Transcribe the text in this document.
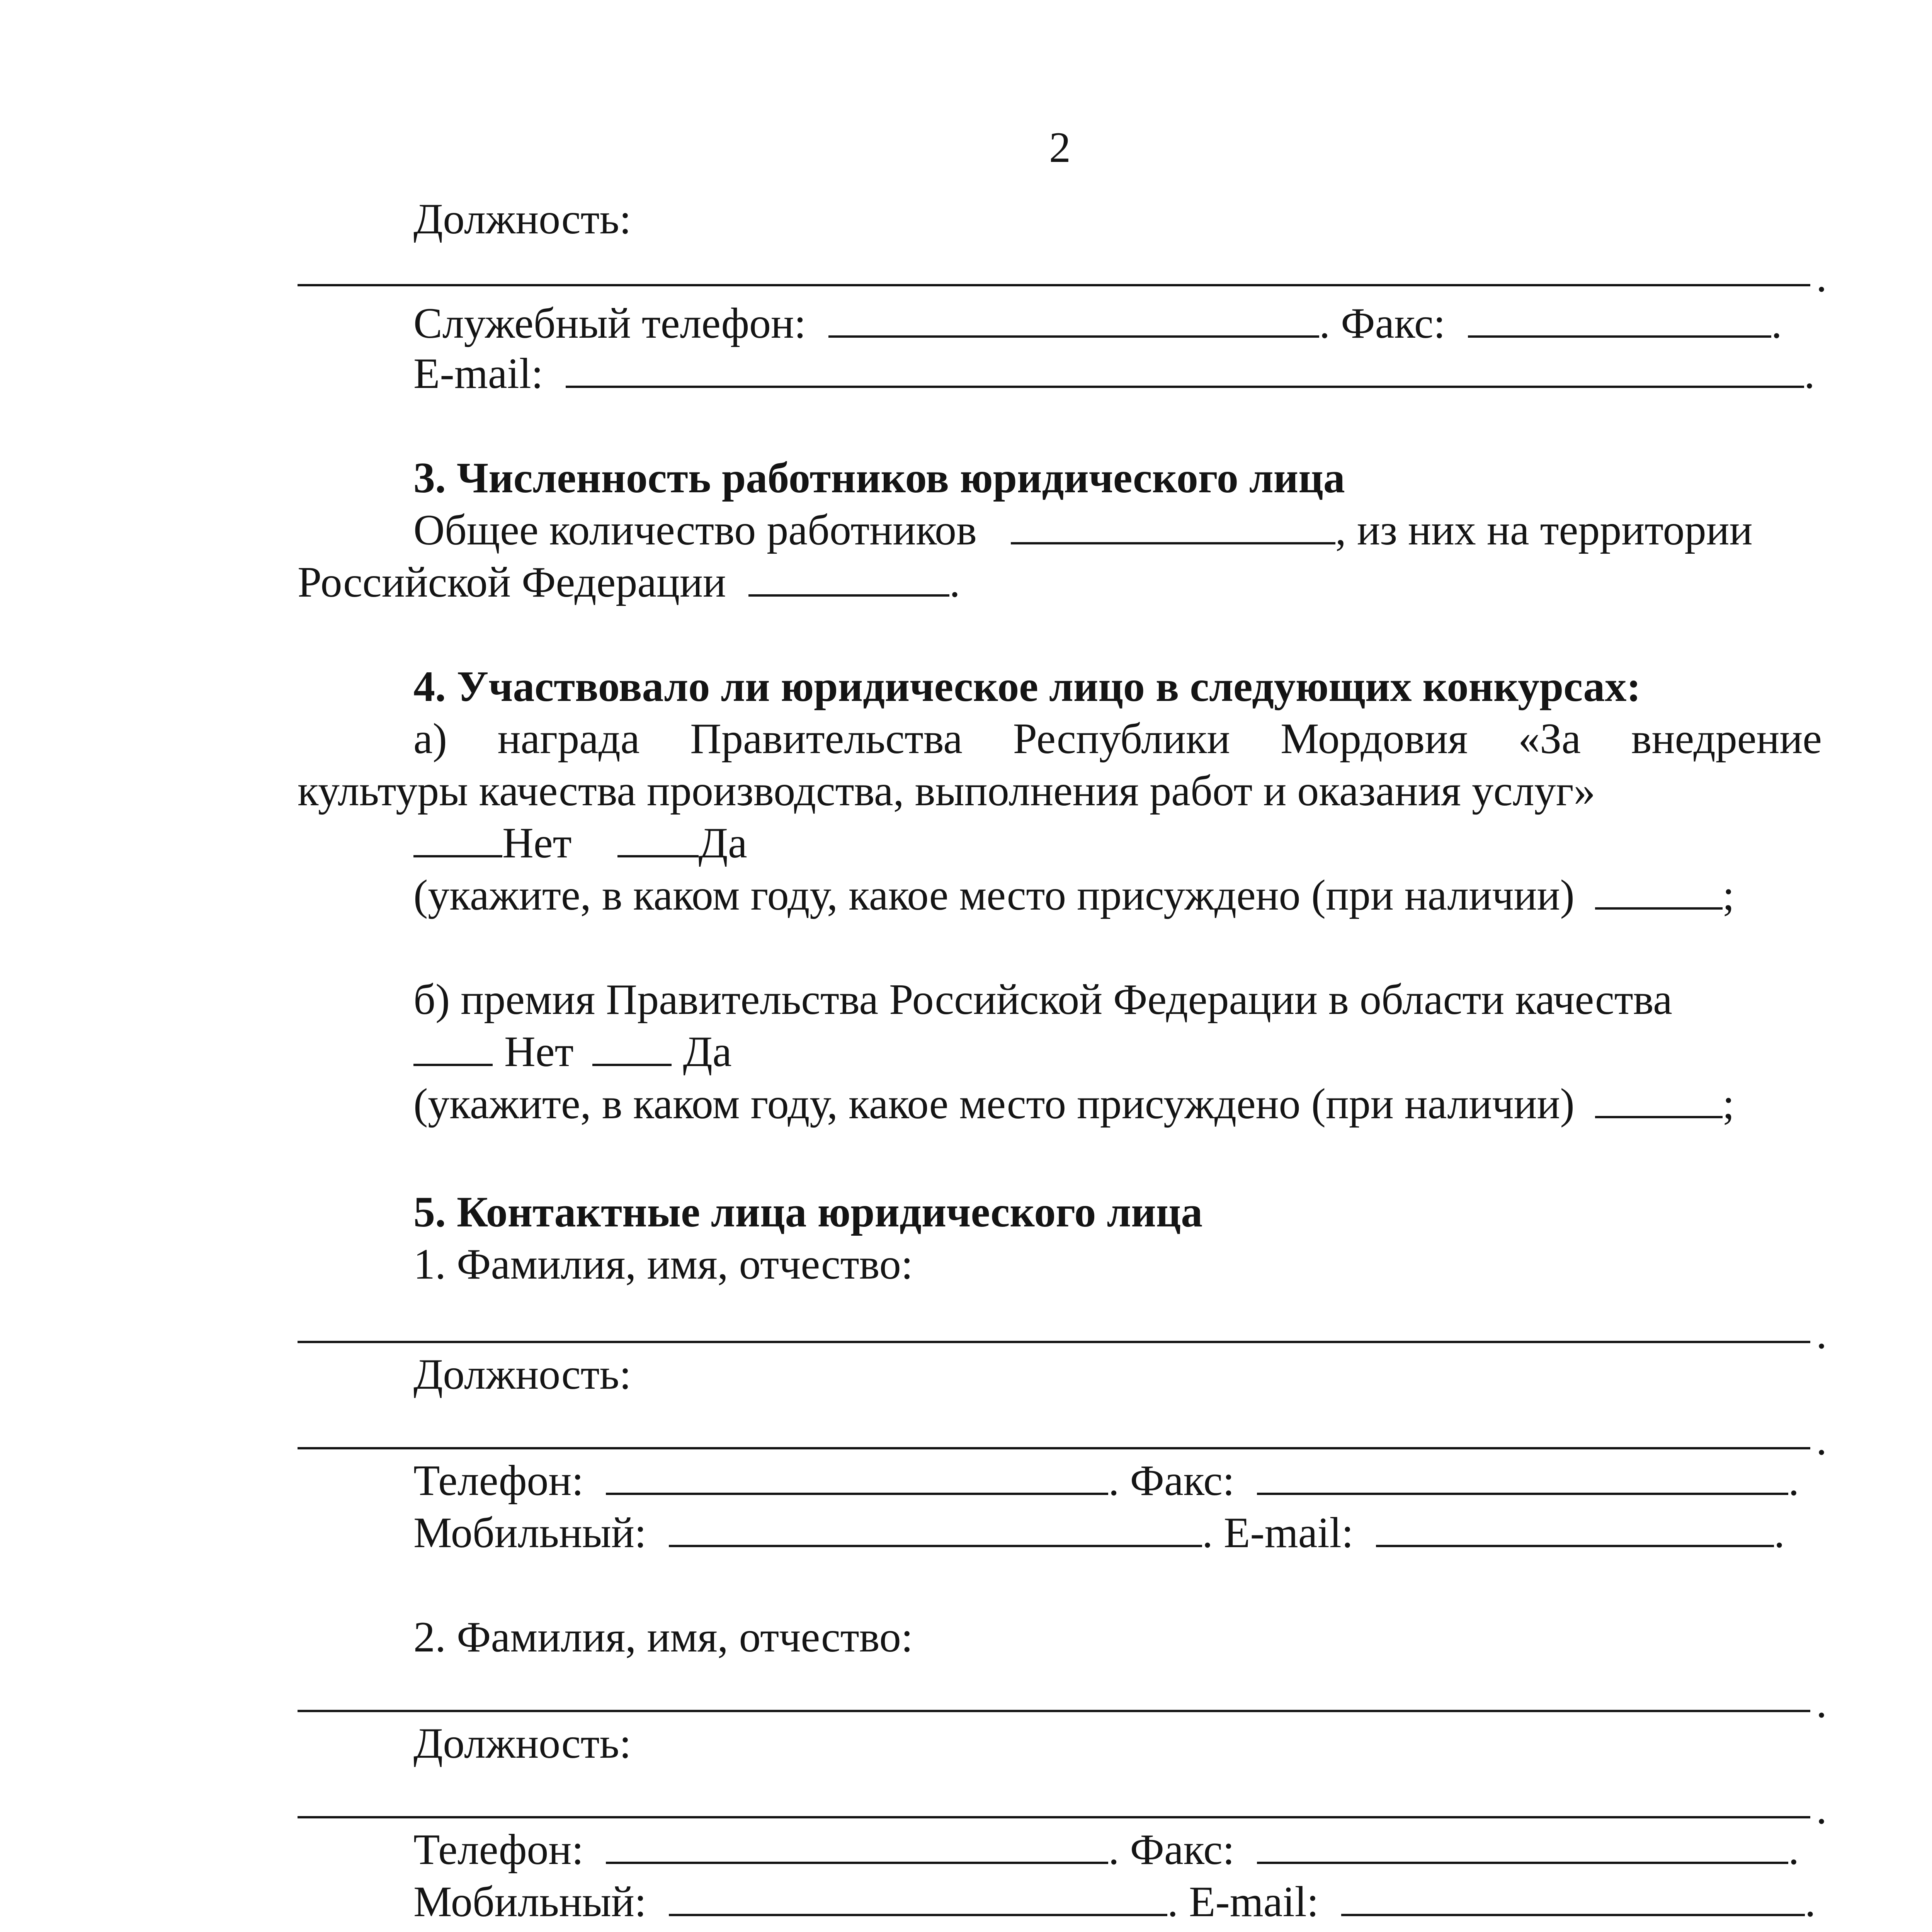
2
Должность:
.
Служебный телефон:	. Факс:	.
E-mail:	.
3. Численность работников юридического лица
Общее количество работников	, из них на территории
Российской Федерации	.
4. Участвовало ли юридическое лицо в следующих конкурсах:
а) награда Правительства Республики Мордовия «За внедрение
культуры качества производства, выполнения работ и оказания услуг»
Нет	Да
(укажите, в каком году, какое место присуждено (при наличии)	;
б) премия Правительства Российской Федерации в области качества
Нет	Да
(укажите, в каком году, какое место присуждено (при наличии)	;
5. Контактные лица юридического лица
1. Фамилия, имя, отчество:
.
Должность:
.
Телефон:	. Факс:	.
Мобильный:	. E-mail:	.
2. Фамилия, имя, отчество:
.
Должность:
.
Телефон:	. Факс:	.
Мобильный:	. E-mail:	.
